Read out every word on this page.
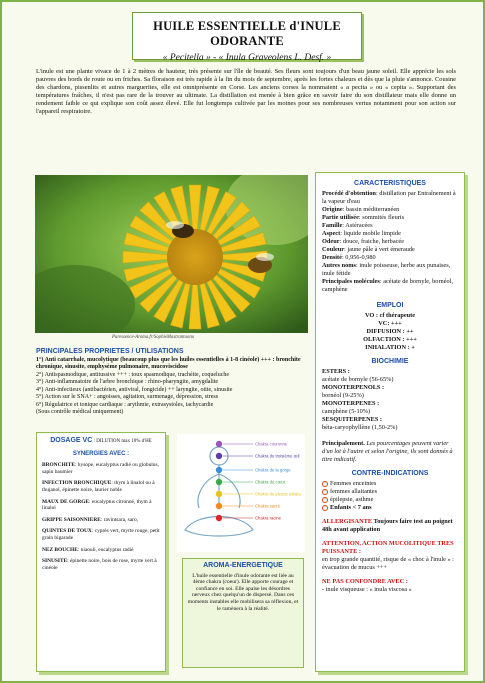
HUILE ESSENTIELLE d'INULE ODORANTE
« Pecitella » - « Inula Graveolens L. Desf. »
L'inule est une plante vivace de 1 à 2 mètres de hauteur, très présente sur l'île de beauté. Ses fleurs sont toujours d'un beau jaune soleil. Elle apprécie les sols pauvres des bords de route ou en friches. Sa floraison est très rapide à la fin du mois de septembre, après les fortes chaleurs et dès que la pluie s'annonce. Cousine des chardons, pissenlits et autres marguerites, elle est omniprésente en Corse. Les anciens corses la nommaient « a pecita » ou « cepita ». Supportant des températures fraîches, il n'est pas rare de la trouver au ultimate. La distillation est menée à bien grâce en savoir faire du son distillateur mais elle donne un rendement faible ce qui explique son coût assez élevé. Elle fut longtemps cultivée par les moines pour ses nombreuses vertus notamment pour son action sur l'appareil respiratoire.
Puressence-Aroma.fr/SophieMastrantuono
PRINCIPALES PROPRIETES / UTILISATIONS
1°) Anti catarrhale, mucolytique (beaucoup plus que les huiles essentielles à 1-8 cinéole) +++ : bronchite chronique, sinusite, emphysème pulmonaire, mucoviscidose
2°) Antispasmodique, antitussive +++ : toux spasmodique, trachéite, coqueluche
3°) Anti-inflammatoire de l'arbre bronchique : rhino-pharyngite, amygdalite
4°) Anti-infectieux (antibactérien, antiviral, fongicide) ++ laryngite, otite, sinusite
5°) Action sur le SNA+ : angoisses, agitation, surmenage, dépression, stress
6°) Régulatrice et tonique cardiaque : arythmie, extrasystoles, tachycardie
(Sous contrôle médical uniquement)
DOSAGE VC : DILUTION max 10% d'HE
SYNERGIES AVEC :
BRONCHITE: hysope, eucalyptus radié ou globulus, sapin baumier
INFECTION BRONCHIQUE: thym à linalol ou à thujanol, épinette noire, laurier noble
MAUX DE GORGE: eucalyptus citronné, thym à linalol
GRIPPE SAISONNIERE: ravintsara, saro,
QUINTES DE TOUX: cyprès vert, myrte rouge, petit grain bigarade
NEZ BOUCHE: niaouli, eucalyptus radié
SINUSITE: épinette noire, bois de rose, myrte vert à cinéole
Chakra couronne
Chakra du troisième œil
Chakra de la gorge
Chakra du cœur
Chakra du plexus solaire
Chakra sacré
Chakra racine
AROMA-ENERGETIQUE
L'huile essentielle d'inule odorante est liée au 4ème chakra (coeur). Elle apporte courage et confiance en soi. Elle apaise les désordres nerveux chez quelqu'un de dispersé. Dans ces moments instables elle mobilisera sa réflexion, et le ramènera à la réalité.
CARACTERISTIQUES
Procédé d'obtention: distillation par Entraînement à la vapeur d'eau
Origine: bassin méditerranéen
Partie utilisée: sommités fleuris
Famille: Astéracées
Aspect: liquide mobile limpide
Odeur: douce, fraiche, herbacée
Couleur: jaune pâle à vert émeraude
Densité: 0,956-0,980
Autres noms: inule poisseuse, herbe aux punaises, inule fétide
Principales molécules: acétate de bornyle, bornéol, camphène
EMPLOI
VO : cf thérapeute
VC: +++
DIFFUSION : ++
OLFACTION : +++
INHALATION : +
BIOCHIMIE
ESTERS :
acétate de bornyle (56-65%)
MONOTERPENOLS :
bornéol (9-25%)
MONOTERPENES :
camphène (5-10%)
SESQUITERPENES :
béta-caryophyllène (1,50-2%)
Principalement. Les pourcentages peuvent varier d'un lot à l'autre et selon l'origine, ils sont donnés à titre indicatif.
CONTRE-INDICATIONS
! Femmes enceintes
! femmes allaitantes
! épilepsie, asthme
! Enfants < 7 ans
ALLERGISANTE Toujours faire test au poignet 48h avant application
ATTENTION, ACTION MUCOLITIQUE TRES PUISSANTE :
en trop grande quantité, risque de « choc à l'inule » : évacuation de mucus +++
NE PAS CONFONDRE AVEC :
- inule visqueuse : « inula viscosa »
